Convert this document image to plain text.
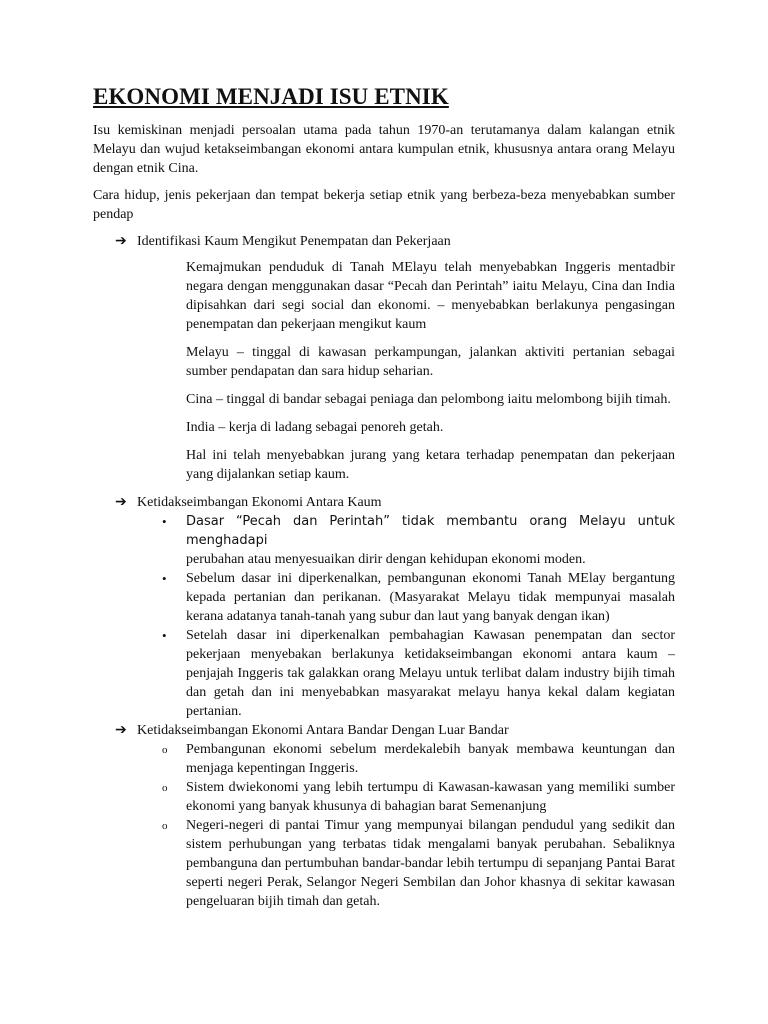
EKONOMI MENJADI ISU ETNIK

Isu kemiskinan menjadi persoalan utama pada tahun 1970-an terutamanya dalam kalangan etnik Melayu dan wujud ketakseimbangan ekonomi antara kumpulan etnik, khususnya antara orang Melayu dengan etnik Cina.

Cara hidup, jenis pekerjaan dan tempat bekerja setiap etnik yang berbeza-beza menyebabkan sumber pendap

➔ Identifikasi Kaum Mengikut Penempatan dan Pekerjaan

Kemajmukan penduduk di Tanah MElayu telah menyebabkan Inggeris mentadbir negara dengan menggunakan dasar “Pecah dan Perintah” iaitu Melayu, Cina dan India dipisahkan dari segi social dan ekonomi. – menyebabkan berlakunya pengasingan penempatan dan pekerjaan mengikut kaum

Melayu – tinggal di kawasan perkampungan, jalankan aktiviti pertanian sebagai sumber pendapatan dan sara hidup seharian.

Cina – tinggal di bandar sebagai peniaga dan pelombong iaitu melombong bijih timah.

India – kerja di ladang sebagai penoreh getah.

Hal ini telah menyebabkan jurang yang ketara terhadap penempatan dan pekerjaan yang dijalankan setiap kaum.

➔ Ketidakseimbangan Ekonomi Antara Kaum
•	Dasar “Pecah dan Perintah” tidak membantu orang Melayu untuk menghadapi
perubahan atau menyesuaikan dirir dengan kehidupan ekonomi moden.
•	Sebelum dasar ini diperkenalkan, pembangunan ekonomi Tanah MElay bergantung kepada pertanian dan perikanan. (Masyarakat Melayu tidak mempunyai masalah kerana adatanya tanah-tanah yang subur dan laut yang banyak dengan ikan)
•	Setelah dasar ini diperkenalkan pembahagian Kawasan penempatan dan sector pekerjaan menyebakan berlakunya ketidakseimbangan ekonomi antara kaum – penjajah Inggeris tak galakkan orang Melayu untuk terlibat dalam industry bijih timah dan getah dan ini menyebabkan masyarakat melayu hanya kekal dalam kegiatan pertanian.
➔ Ketidakseimbangan Ekonomi Antara Bandar Dengan Luar Bandar
o	Pembangunan ekonomi sebelum merdekalebih banyak membawa keuntungan dan menjaga kepentingan Inggeris.
o	Sistem dwiekonomi yang lebih tertumpu di Kawasan-kawasan yang memiliki sumber ekonomi yang banyak khusunya di bahagian barat Semenanjung
o	Negeri-negeri di pantai Timur yang mempunyai bilangan pendudul yang sedikit dan sistem perhubungan yang terbatas tidak mengalami banyak perubahan. Sebaliknya pembanguna dan pertumbuhan bandar-bandar lebih tertumpu di sepanjang Pantai Barat seperti negeri Perak, Selangor Negeri Sembilan dan Johor khasnya di sekitar kawasan pengeluaran bijih timah dan getah.
